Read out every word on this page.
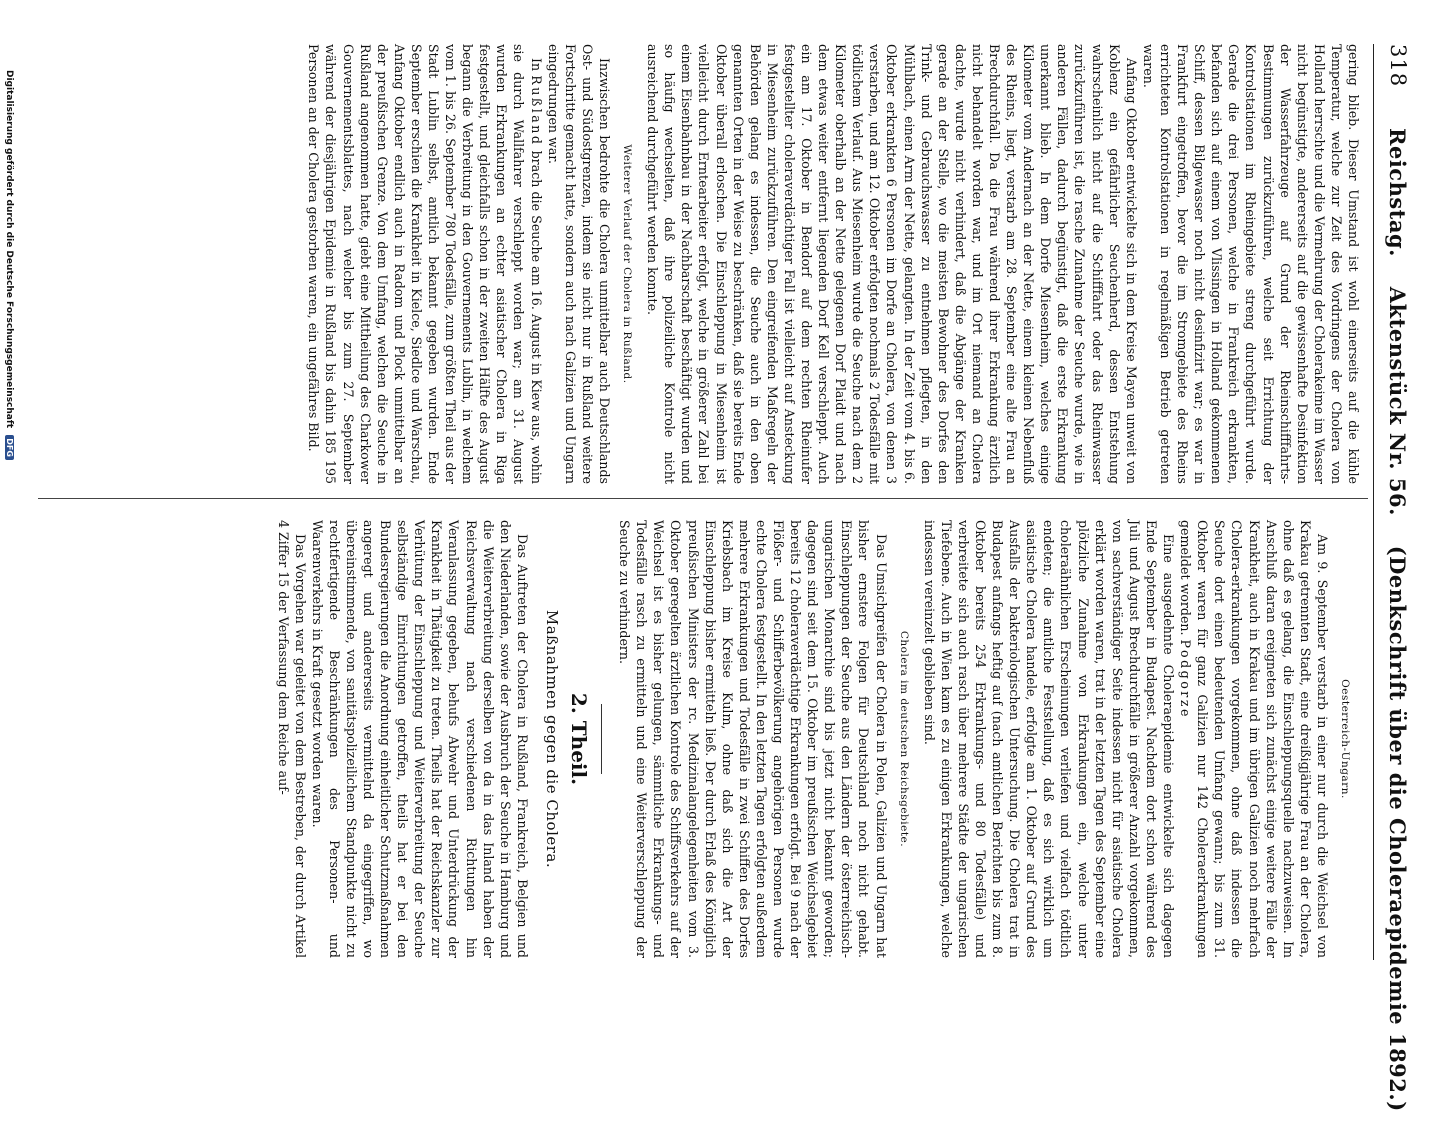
318
Reichstag. Aktenstück Nr. 56. (Denkschrift über die Choleraepidemie 1892.)

gering blieb. Dieser Umstand ist wohl einerseits auf die kühle Temperatur, welche zur Zeit des Vordringens der Cholera von Holland herrschte und die Vermehrung der Cholerakeime im Wasser nicht begünstigte, andererseits auf die gewissenhafte Desinfektion der Wasserfahrzeuge auf Grund der Rheinschifffahrts-Bestimmungen zurückzuführen, welche seit Errichtung der Kontrolstationen im Rheingebiete streng durchgeführt wurde. Gerade die drei Personen, welche in Frankreich erkrankten, befanden sich auf einem von Vlissingen in Holland gekommenen Schiff, dessen Bilgewasser noch nicht desinfizirt war; es war in Frankfurt eingetroffen, bevor die im Stromgebiete des Rheins errichteten Kontrolstationen in regelmäßigen Betrieb getreten waren.

Anfang Oktober entwickelte sich in dem Kreise Mayen unweit von Koblenz ein gefährlicher Seuchenherd, dessen Entstehung wahrscheinlich nicht auf die Schifffahrt oder das Rheinwasser zurückzuführen ist, die rasche Zunahme der Seuche wurde, wie in anderen Fällen, dadurch begünstigt, daß die erste Erkrankung unerkannt blieb. In dem Dorfe Miesenheim, welches einige Kilometer vom Andernach an der Nette, einem kleinen Nebenfluß des Rheins, liegt, verstarb am 28. September eine alte Frau an Brechdurchfall. Da die Frau während ihrer Erkrankung ärztlich nicht behandelt worden war, und im Ort niemand an Cholera dachte, wurde nicht verhindert, daß die Abgänge der Kranken gerade an der Stelle, wo die meisten Bewohner des Dorfes den Trink- und Gebrauchswasser zu entnehmen pflegten, in den Mühlbach, einen Arm der Nette, gelangten. In der Zeit vom 4. bis 6. Oktober erkrankten 6 Personen im Dorfe an Cholera, von denen 3 verstarben, und am 12. Oktober erfolgten nochmals 2 Todesfälle mit tödlichem Verlauf. Aus Miesenheim wurde die Seuche nach dem 2 Kilometer oberhalb an der Nette gelegenen Dorf Plaidt und nach dem etwas weiter entfernt liegenden Dorf Kell verschleppt. Auch ein am 17. Oktober in Bendorf auf dem rechten Rheinufer festgestellter choleraverdächtiger Fall ist vielleicht auf Ansteckung in Miesenheim zurückzuführen. Den eingreifenden Maßregeln der Behörden gelang es indessen, die Seuche auch in den oben genannten Orten in der Weise zu beschränken, daß sie bereits Ende Oktober überall erloschen. Die Einschleppung in Miesenheim ist vielleicht durch Erntearbeiter erfolgt, welche in größerer Zahl bei einem Eisenbahnbau in der Nachbarschaft beschäftigt wurden und so häufig wechselten, daß ihre polizeiliche Kontrole nicht ausreichend durchgeführt werden konnte.

Weiterer Verlauf der Cholera in Rußland.

Inzwischen bedrohte die Cholera unmittelbar auch Deutschlands Ost- und Südostgrenzen, indem sie nicht nur in Rußland weitere Fortschritte gemacht hatte, sondern auch nach Galizien und Ungarn eingedrungen war.

In Rußland brach die Seuche am 16. August in Kiew aus, wohin sie durch Wallfahrer verschleppt worden war; am 31. August wurden Erkrankungen an echter asiatischer Cholera in Riga festgestellt, und gleichfalls schon in der zweiten Hälfte des August begann die Verbreitung in den Gouvernements Lublin, in welchem vom 1. bis 26. September 780 Todesfälle, zum größten Theil aus der Stadt Lublin selbst, amtlich bekannt gegeben wurden. Ende September erschien die Krankheit in Kielce, Siedlce und Warschau, Anfang Oktober endlich auch in Radom und Plock unmittelbar an der preußischen Grenze. Von dem Umfang, welchen die Seuche in Rußland angenommen hatte, giebt eine Mittheilung des Charkower Gouvernementsblattes, nach welcher bis zum 27. September während der diesjährigen Epidemie in Rußland bis dahin 185 195 Personen an der Cholera gestorben waren, ein ungefähres Bild.

Oesterreich-Ungarn.

Am 9. September verstarb in einer nur durch die Weichsel von Krakau getrennten Stadt, eine dreißigjährige Frau an der Cholera, ohne daß es gelang, die Einschleppungsquelle nachzuweisen. Im Anschluß daran ereigneten sich zunächst einige weitere Fälle der Krankheit, auch in Krakau und im übrigen Galizien noch mehrfach Cholera-erkrankungen vorgekommen, ohne daß indessen die Seuche dort einen bedeutenden Umfang gewann; bis zum 31. Oktober waren für ganz Galizien nur 142 Choleraerkrankungen gemeldet worden. Podgorze

Eine ausgedehnte Choleraepidemie entwickelte sich dagegen Ende September in Budapest. Nachdem dort schon während des Juli und August Brechdurchfälle in größerer Anzahl vorgekommen, von sachverständiger Seite indessen nicht für asiatische Cholera erklärt worden waren, trat in der letzten Tagen des September eine plötzliche Zunahme von Erkrankungen ein, welche unter choleraähnlichen Erscheinungen verliefen und vielfach tödtlich endeten; die amtliche Feststellung, daß es sich wirklich um asiatische Cholera handele, erfolgte am 1. Oktober auf Grund des Ausfalls der bakteriologischen Untersuchung. Die Cholera trat in Budapest anfangs heftig auf (nach amtlichen Berichten bis zum 8. Oktober bereits 254 Erkrankungs- und 80 Todesfälle) und verbreitete sich auch rasch über mehrere Städte der ungarischen Tiefebene. Auch in Wien kam es zu einigen Erkrankungen, welche indessen vereinzelt geblieben sind.

Cholera im deutschen Reichsgebiete.

Das Umsichgreifen der Cholera in Polen, Galizien und Ungarn hat bisher ernstere Folgen für Deutschland noch nicht gehabt. Einschleppungen der Seuche aus den Ländern der österreichisch-ungarischen Monarchie sind bis jetzt nicht bekannt geworden; dagegen sind seit dem 15. Oktober im preußischen Weichselgebiet bereits 12 choleraverdächtige Erkrankungen erfolgt. Bei 9 nach der Flößer- und Schifferbevölkerung angehörigen Personen wurde echte Cholera festgestellt. In den letzten Tagen erfolgten außerdem mehrere Erkrankungen und Todesfälle in zwei Schiffen des Dorfes Kriebsbach im Kreise Kulm, ohne daß sich die Art der Einschleppung bisher ermitteln ließ. Der durch Erlaß des Königlich preußischen Ministers der rc. Medizinalangelegenheiten vom 3. Oktober geregelten ärztlichen Kontrole des Schiffsverkehrs auf der Weichsel ist es bisher gelungen, sämmtliche Erkrankungs- und Todesfälle rasch zu ermitteln und eine Weiterverschleppung der Seuche zu verhindern.

2. Theil.
Maßnahmen gegen die Cholera.

Das Auftreten der Cholera in Rußland, Frankreich, Belgien und den Niederlanden, sowie der Ausbruch der Seuche in Hamburg und die Weiterverbreitung derselben von da in das Inland haben der Reichsverwaltung nach verschiedenen Richtungen hin Veranlassung gegeben, behufs Abwehr und Unterdrückung der Krankheit in Thätigkeit zu treten. Theils hat der Reichskanzler zur Verhütung der Einschleppung und Weiterverbreitung der Seuche selbständige Einrichtungen getroffen, theils hat er bei den Bundesregierungen die Anordnung einheitlicher Schutzmaßnahmen angeregt und andererseits vermittelnd da eingegriffen, wo übereinstimmende, von sanitätspolizeilichem Standpunkte nicht zu rechtfertigende Beschränkungen des Personen- und Waarenverkehrs in Kraft gesetzt worden waren.

Das Vorgehen war geleitet von dem Bestreben, der durch Artikel 4 Ziffer 15 der Verfassung dem Reiche auf-

Digitalisierung gefördert durch die Deutsche Forschungsgemeinschaft DFG
